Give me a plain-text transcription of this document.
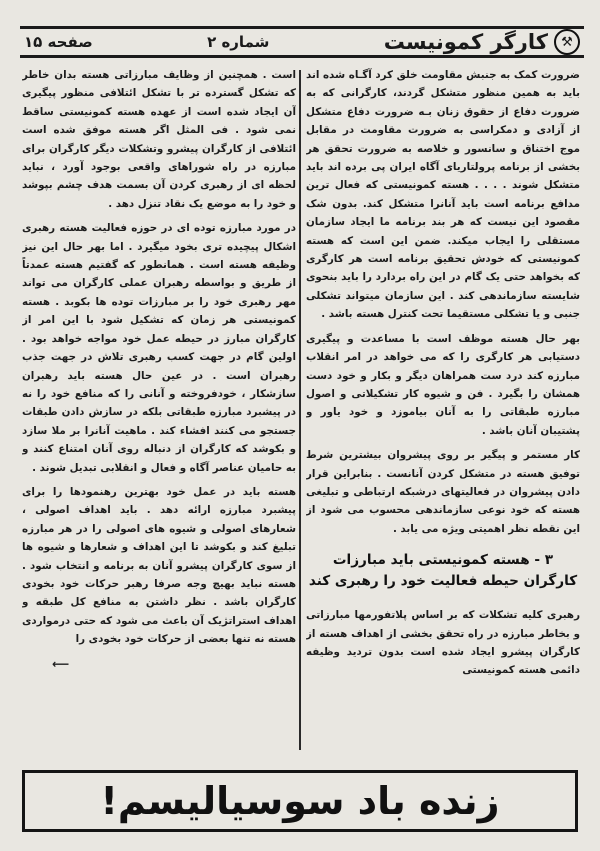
⚒
کارگر کمونیست
شماره ۲
صفحه ۱۵

ضرورت کمک به جنبش مقاومت خلق کرد آگـاه شده اند باید به همین منظور متشکل گردند، کارگرانی که به ضرورت دفاع از حقوق زنان بـه ضرورت دفاع متشکل از آزادی و دمکراسی به ضرورت مقاومت در مقابل موج اختناق و سانسور و خلاصه به ضرورت تحقق هر بخشی از برنامه پرولتاریای آگاه ایران پی برده اند باید متشکل شوند . . . . هسته کمونیستی که فعال ترین مدافع برنامه است باید آنانرا متشکل کند. بدون شک مقصود این نیست که هر بند برنامه ما ایجاد سازمان مستقلی را ایجاب میکند. ضمن این است که هسته کمونیستی که خودش تحقیق برنامه است هر کارگری که بخواهد حتی یک گام در این راه بردارد را باید بنحوی شایسته سازماندهی کند . این سازمان میتواند تشکلی جنبی و یا تشکلی مستقیما تحت کنترل هسته باشد .

بهر حال هسته موظف است با مساعدت و پیگیری دستیابی هر کارگری را که می خواهد در امر انقلاب مبارزه کند درد ست همراهان دیگر و بکار و خود دست همشان را بگیرد . فن و شیوه کار تشکیلاتی و اصول مبارزه طبقاتی را به آنان بیاموزد و خود یاور و پشتیبان آنان باشد .

کار مستمر و پیگیر بر روی پیشروان بیشترین شرط توفیق هسته در متشکل کردن آنانست . بنابراین قرار دادن پیشروان در فعالیتهای درشبکه ارتباطی و تبلیغی هسته که خود نوعی سازماندهی محسوب می شود از این نقطه نظر اهمیتی ویژه می یابد .

۳ - هسته کمونیستی باید مبارزات کارگران حیطه فعالیت خود را رهبری کند

رهبری کلیه تشکلات که بر اساس پلاتفورمها مبارزاتی و بخاطر مبارزه در راه تحقق بخشی از اهداف هسته از کارگران پیشرو ایجاد شده است بدون تردید وظیفه دائمی هسته کمونیستی

است . همچنین از وظایف مبارزاتی هسته بدان خاطر که تشکل گسترده تر با تشکل ائتلافی منظور پیگیری آن ایجاد شده است از عهده هسته کمونیستی ساقط نمی شود . فی المثل اگر هسته موفق شده است ائتلافی از کارگران پیشرو وتشکلات دیگر کارگران برای مبارزه در راه شوراهای واقعی بوجود آورد ، نباید لحظه ای از رهبری کردن آن بسمت هدف چشم بپوشد و خود را به موضع یک نقاد تنزل دهد .

در مورد مبارزه توده ای در حوزه فعالیت هسته رهبری اشکال پیچیده تری بخود میگیرد . اما بهر حال این نیز وظیفه هسته است . همانطور که گفتیم هسته عمدتاً از طریق و بواسطه رهبران عملی کارگران می تواند مهر رهبری خود را بر مبارزات توده ها بکوبد . هسته کمونیستی هر زمان که تشکیل شود با این امر از کارگران مبارز در حیطه عمل خود مواجه خواهد بود . اولین گام در جهت کسب رهبری تلاش در جهت جذب رهبران است . در عین حال هسته باید رهبران سازشکار ، خودفروخته و آنانی را که منافع خود را نه در پیشبرد مبارزه طبقاتی بلکه در سازش دادن طبقات جستجو می کنند افشاء کند . ماهیت آنانرا بر ملا سازد و بکوشد که کارگران از دنباله روی آنان امتناع کنند و به حامیان عناصر آگاه و فعال و انقلابی تبدیل شوند .

هسته باید در عمل خود بهترین رهنمودها را برای پیشبرد مبارزه ارائه دهد . باید اهداف اصولی ، شعارهای اصولی و شیوه های اصولی را در هر مبارزه تبلیغ کند و بکوشد تا این اهداف و شعارها و شیوه ها از سوی کارگران پیشرو آنان به برنامه و انتخاب شود . هسته نباید بهیچ وجه صرفا رهبر حرکات خود بخودی کارگران باشد . نظر داشتن به منافع کل طبقه و اهداف استراتژیک آن باعث می شود که حتی درمواردی هسته نه تنها بعضی از حرکات خود بخودی را

⟵
زنده باد سوسیالیسم!
